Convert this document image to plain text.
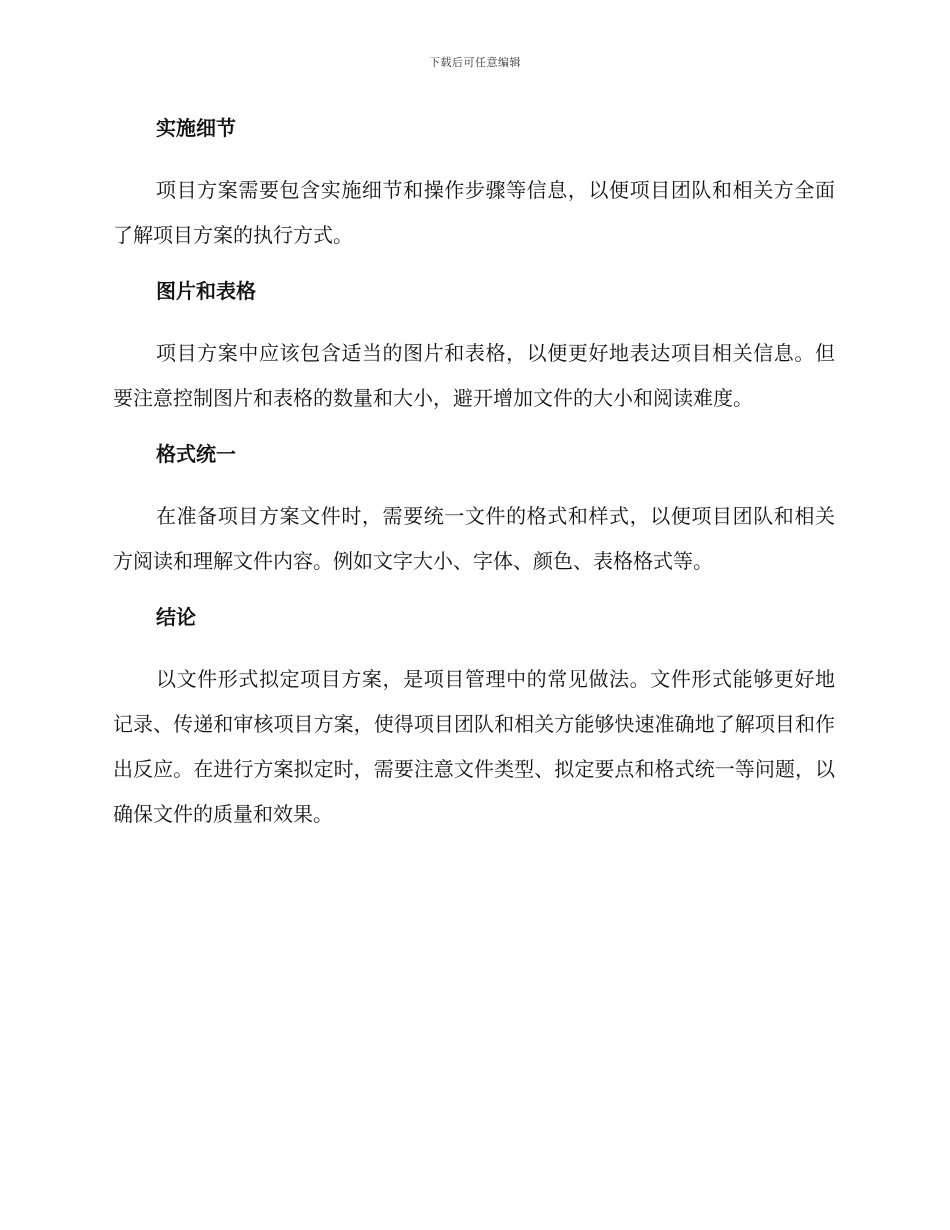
下载后可任意编辑
实施细节

项目方案需要包含实施细节和操作步骤等信息，以便项目团队和相关方全面了解项目方案的执行方式。

图片和表格

项目方案中应该包含适当的图片和表格，以便更好地表达项目相关信息。但要注意控制图片和表格的数量和大小，避开增加文件的大小和阅读难度。

格式统一

在准备项目方案文件时，需要统一文件的格式和样式，以便项目团队和相关方阅读和理解文件内容。例如文字大小、字体、颜色、表格格式等。

结论

以文件形式拟定项目方案，是项目管理中的常见做法。文件形式能够更好地记录、传递和审核项目方案，使得项目团队和相关方能够快速准确地了解项目和作出反应。在进行方案拟定时，需要注意文件类型、拟定要点和格式统一等问题，以确保文件的质量和效果。
